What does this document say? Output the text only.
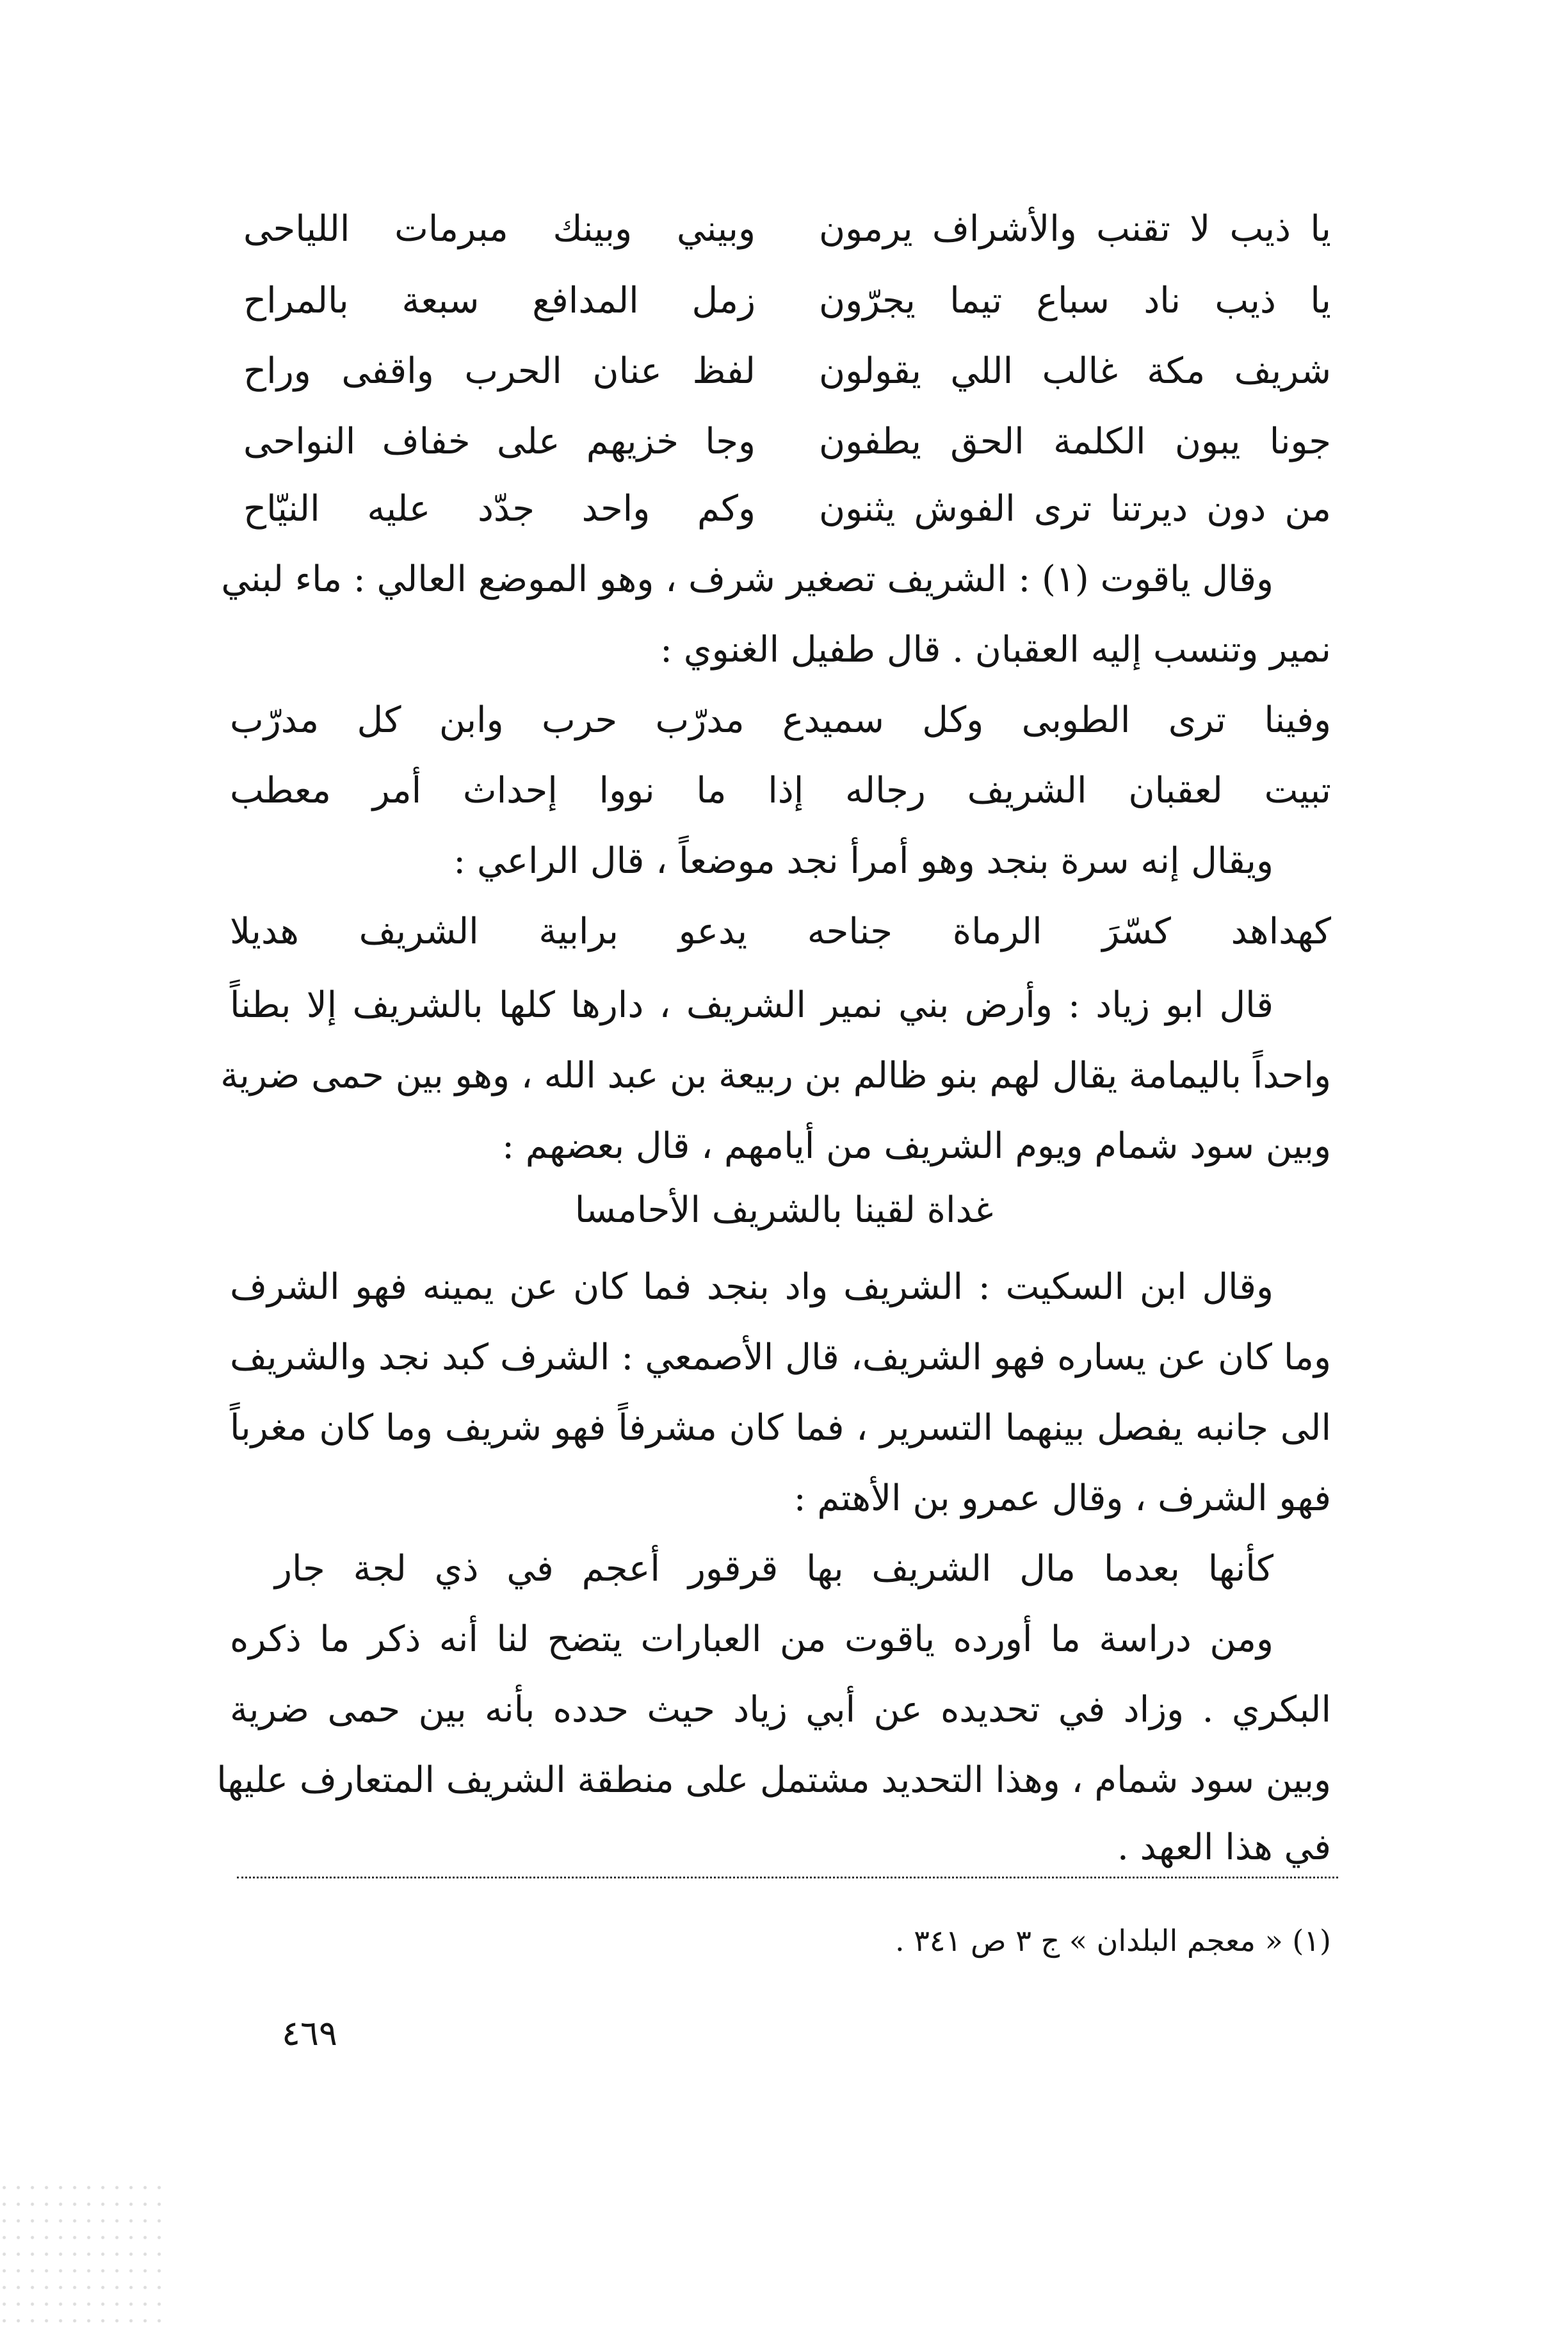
يا ذيب لا تقنب والأشراف يرمون
وبيني وبينك مبرمات اللياحى
يا ذيب ناد سباع تيما يجرّون
زمل المدافع سبعة بالمراح
شريف مكة غالب اللي يقولون
لفظ عنان الحرب واقفى وراح
جونا يبون الكلمة الحق يطفون
وجا خزيهم على خفاف النواحى
من دون ديرتنا ترى الفوش يثنون
وكم واحد جدّد عليه النيّاح
وقال ياقوت (١) : الشريف تصغير شرف ، وهو الموضع العالي : ماء لبني
نمير وتنسب إليه العقبان . قال طفيل الغنوي :
وفينا ترى الطوبى وكل سميدع مدرّب حرب وابن كل مدرّب
تبيت لعقبان الشريف رجاله إذا ما نووا إحداث أمر معطب
ويقال إنه سرة بنجد وهو أمرأ نجد موضعاً ، قال الراعي :
كهداهد كسّرَ الرماة جناحه يدعو برابية الشريف هديلا
قال ابو زياد : وأرض بني نمير الشريف ، دارها كلها بالشريف إلا بطناً
واحداً باليمامة يقال لهم بنو ظالم بن ربيعة بن عبد الله ، وهو بين حمى ضرية
وبين سود شمام ويوم الشريف من أيامهم ، قال بعضهم :
غداة لقينا بالشريف الأحامسا
وقال ابن السكيت : الشريف واد بنجد فما كان عن يمينه فهو الشرف
وما كان عن يساره فهو الشريف، قال الأصمعي : الشرف كبد نجد والشريف
الى جانبه يفصل بينهما التسرير ، فما كان مشرفاً فهو شريف وما كان مغرباً
فهو الشرف ، وقال عمرو بن الأهتم :
كأنها بعدما مال الشريف بها قرقور أعجم في ذي لجة جار
ومن دراسة ما أورده ياقوت من العبارات يتضح لنا أنه ذكر ما ذكره
البكري . وزاد في تحديده عن أبي زياد حيث حدده بأنه بين حمى ضرية
وبين سود شمام ، وهذا التحديد مشتمل على منطقة الشريف المتعارف عليها
في هذا العهد .
(١) « معجم البلدان » ج ٣ ص ٣٤١ .
٤٦٩
